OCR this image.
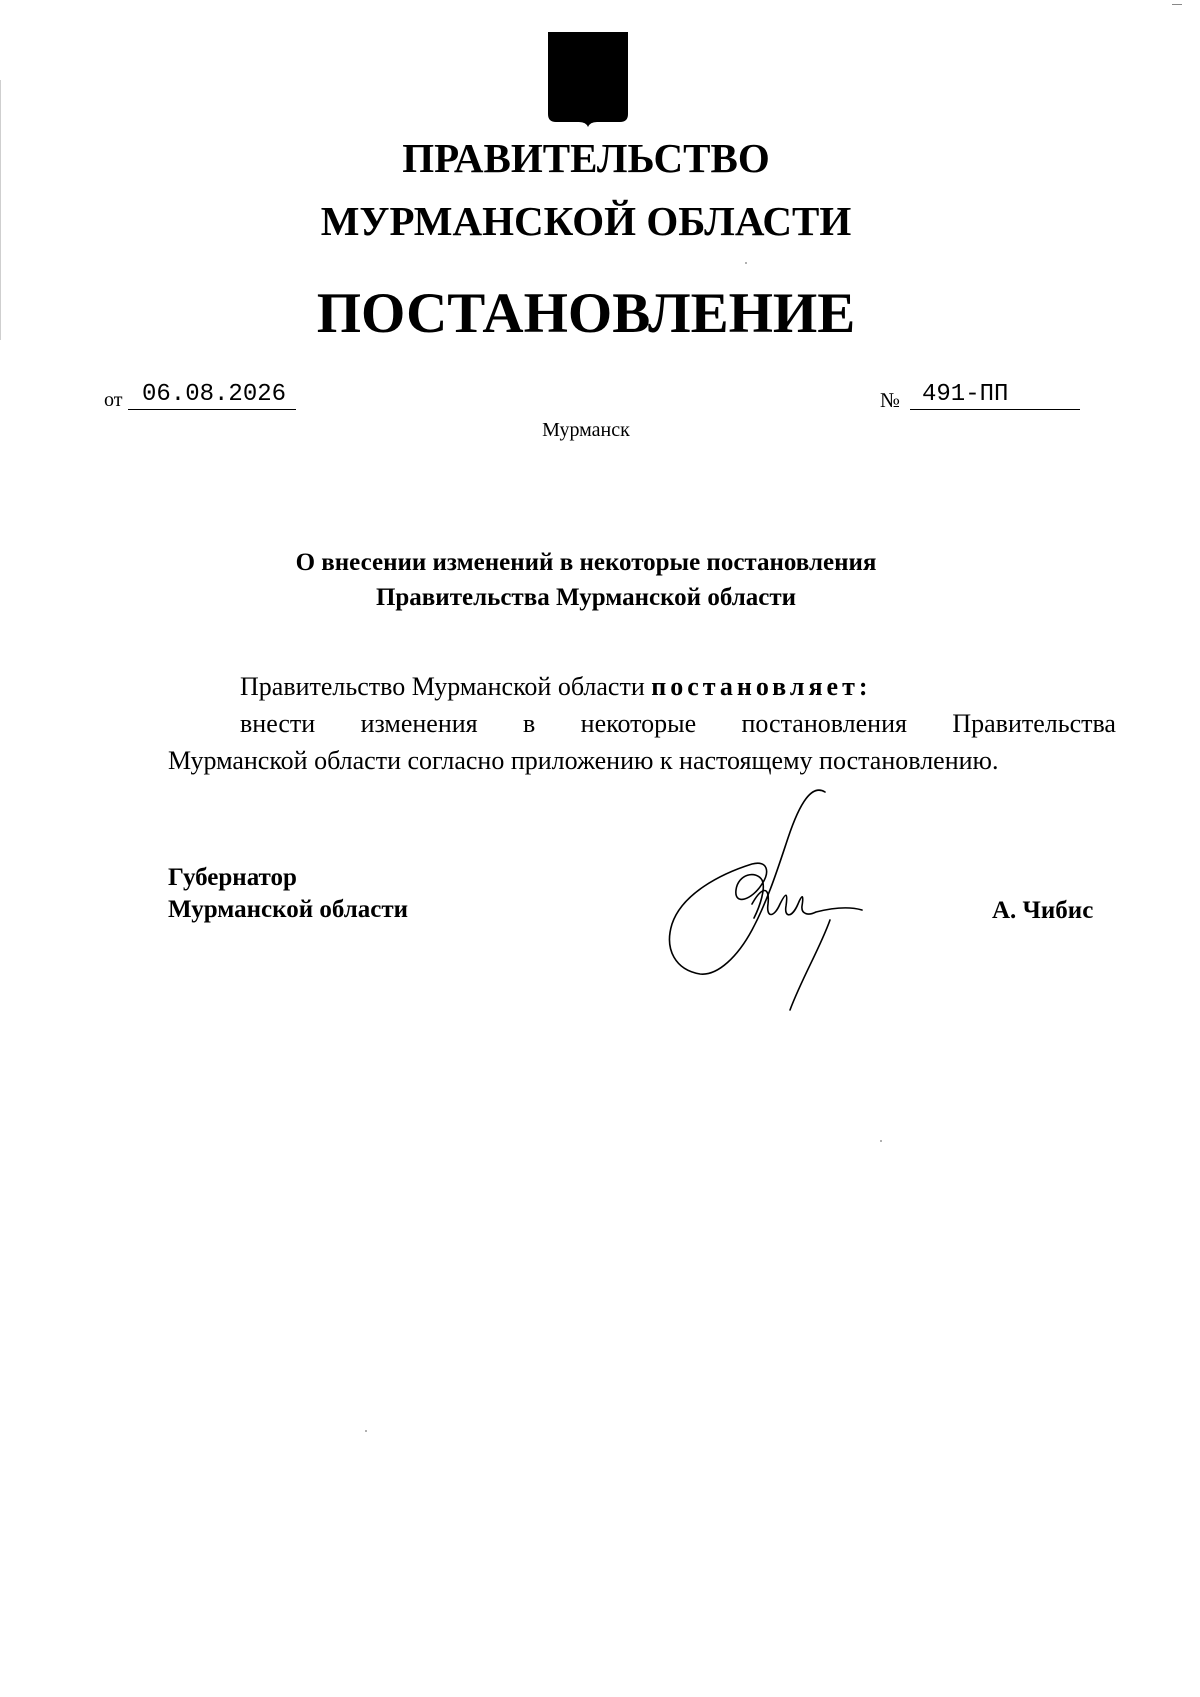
ПРАВИТЕЛЬСТВО
МУРМАНСКОЙ ОБЛАСТИ
ПОСТАНОВЛЕНИЕ
от 06.08.2026	№ 491-ПП
Мурманск
О внесении изменений в некоторые постановления
Правительства Мурманской области
Правительство Мурманской области постановляет:
внести изменения в некоторые постановления Правительства
Мурманской области согласно приложению к настоящему постановлению.
Губернатор
Мурманской области	А. Чибис
